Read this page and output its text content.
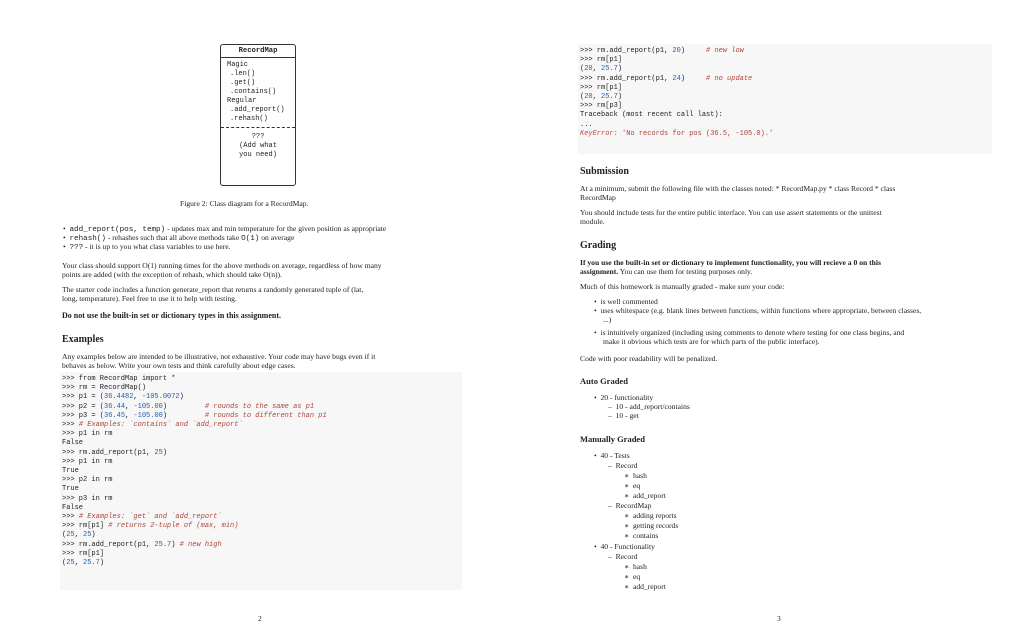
RecordMap
Magic
.len()
.get()
.contains()
Regular
.add_report()
.rehash()
???
(Add what
you need)
Figure 2: Class diagram for a RecordMap.
•  add_report(pos, temp) - updates max and min temperature for the given position as appropriate
•  rehash() - rehashes such that all above methods take O(1) on average
•  ??? - it is up to you what class variables to use here.
Your class should support O(1) running times for the above methods on average, regardless of how many
points are added (with the exception of rehash, which should take O(n)).
The starter code includes a function generate_report that returns a randomly generated tuple of (lat,
long, temperature). Feel free to use it to help with testing.
Do not use the built-in set or dictionary types in this assignment.
Examples
Any examples below are intended to be illustrative, not exhaustive. Your code may have bugs even if it
behaves as below. Write your own tests and think carefully about edge cases.
>>> from RecordMap import *
>>> rm = RecordMap()
>>> p1 = (36.4482, -105.0072)
>>> p2 = (36.44, -105.00)         # rounds to the same as p1
>>> p3 = (36.45, -105.00)         # rounds to different than p1
>>> # Examples: `contains` and `add_report`
>>> p1 in rm
False
>>> rm.add_report(p1, 25)
>>> p1 in rm
True
>>> p2 in rm
True
>>> p3 in rm
False
>>> # Examples: `get` and `add_report`
>>> rm[p1] # returns 2-tuple of (max, min)
(25, 25)
>>> rm.add_report(p1, 25.7) # new high
>>> rm[p1]
(25, 25.7)
2
>>> rm.add_report(p1, 20)     # new low
>>> rm[p1]
(20, 25.7)
>>> rm.add_report(p1, 24)     # no update
>>> rm[p1]
(20, 25.7)
>>> rm[p3]
Traceback (most recent call last):
...
KeyError: 'No records for pos (36.5, -105.0).'
Submission
At a minimum, submit the following file with the classes noted: * RecordMap.py * class Record * class
RecordMap
You should include tests for the entire public interface. You can use assert statements or the unittest
module.
Grading
If you use the built-in set or dictionary to implement functionality, you will recieve a 0 on this
assignment. You can use them for testing purposes only.
Much of this homework is manually graded - make sure your code:
•  is well commented
•  uses whitespace (e.g. blank lines between functions, within functions where appropriate, between classes,
...)
•  is intuitively organized (including using comments to denote where testing for one class begins, and
make it obvious which tests are for which parts of the public interface).
Code with poor readability will be penalized.
Auto Graded
•  20 - functionality
–  10 - add_report/contains
–  10 - get
Manually Graded
•  40 - Tests
–  Record
∗  hash
∗  eq
∗  add_report
–  RecordMap
∗  adding reports
∗  getting records
∗  contains
•  40 - Functionality
–  Record
∗  hash
∗  eq
∗  add_report
3
